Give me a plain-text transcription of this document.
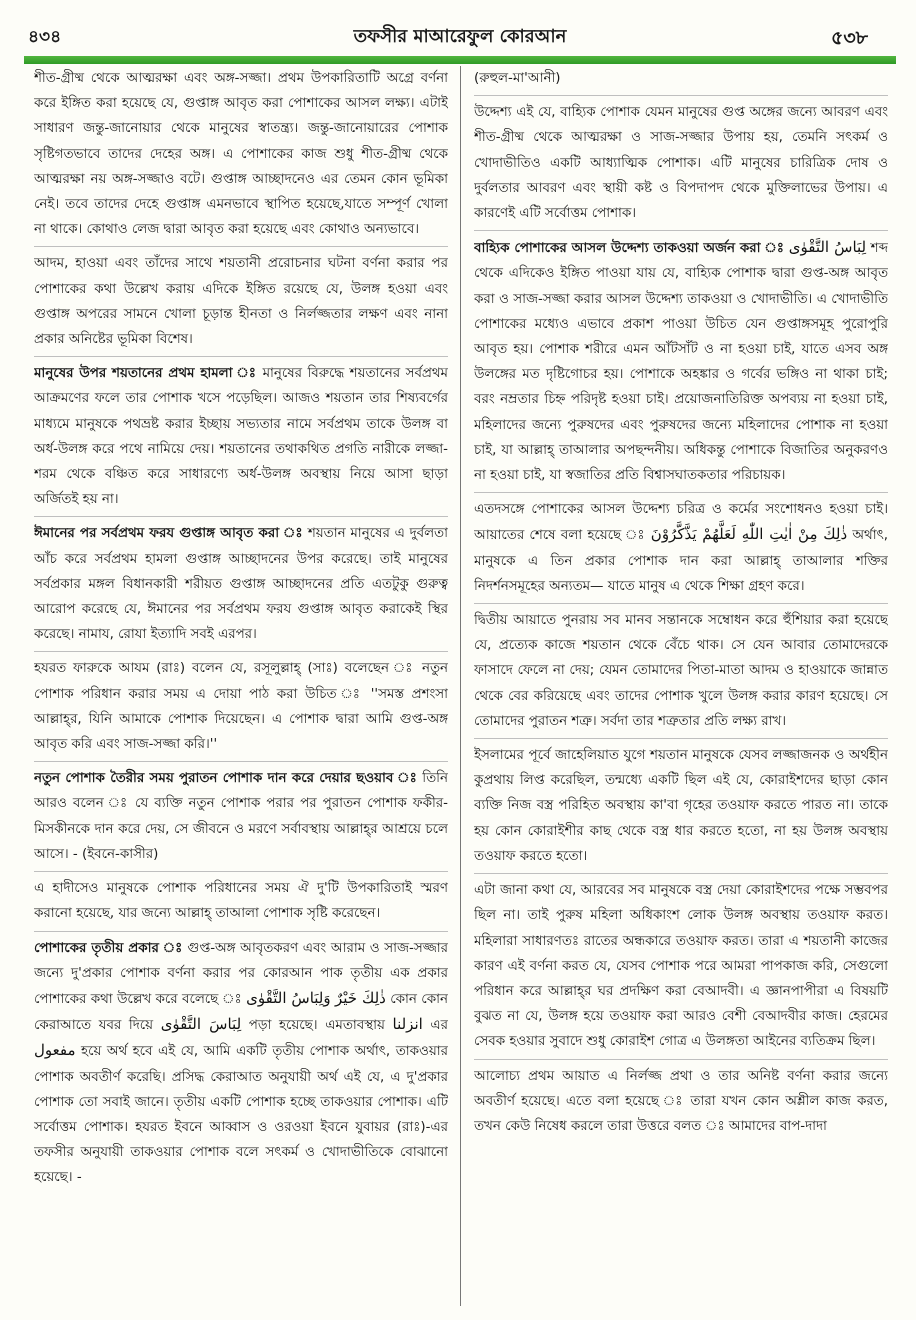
৪৩৪	তফসীর মাআরেফুল কোরআন	৫৩৮

শীত-গ্রীষ্ম থেকে আত্মরক্ষা এবং অঙ্গ-সজ্জা। প্রথম উপকারিতাটি অগ্রে বর্ণনা করে ইঙ্গিত করা হয়েছে যে, গুপ্তাঙ্গ আবৃত করা পোশাকের আসল লক্ষ্য। এটাই সাধারণ জন্তু-জানোয়ার থেকে মানুষের স্বাতন্ত্র্য। জন্তু-জানোয়ারের পোশাক সৃষ্টিগতভাবে তাদের দেহের অঙ্গ। এ পোশাকের কাজ শুধু শীত-গ্রীষ্ম থেকে আত্মরক্ষা নয় অঙ্গ-সজ্জাও বটে। গুপ্তাঙ্গ আচ্ছাদনেও এর তেমন কোন ভূমিকা নেই। তবে তাদের দেহে গুপ্তাঙ্গ এমনভাবে স্থাপিত হয়েছে,যাতে সম্পূর্ণ খোলা না থাকে। কোথাও লেজ দ্বারা আবৃত করা হয়েছে এবং কোথাও অন্যভাবে।

আদম, হাওয়া এবং তাঁদের সাথে শয়তানী প্ররোচনার ঘটনা বর্ণনা করার পর পোশাকের কথা উল্লেখ করায় এদিকে ইঙ্গিত রয়েছে যে, উলঙ্গ হওয়া এবং গুপ্তাঙ্গ অপরের সামনে খোলা চূড়ান্ত হীনতা ও নির্লজ্জতার লক্ষণ এবং নানা প্রকার অনিষ্টের ভূমিকা বিশেষ।

মানুষের উপর শয়তানের প্রথম হামলা ঃ মানুষের বিরুদ্ধে শয়তানের সর্বপ্রথম আক্রমণের ফলে তার পোশাক খসে পড়েছিল। আজও শয়তান তার শিষ্যবর্গের মাধ্যমে মানুষকে পথভ্রষ্ট করার ইচ্ছায় সভ্যতার নামে সর্বপ্রথম তাকে উলঙ্গ বা অর্ধ-উলঙ্গ করে পথে নামিয়ে দেয়। শয়তানের তথাকথিত প্রগতি নারীকে লজ্জা-শরম থেকে বঞ্চিত করে সাধারণ্যে অর্ধ-উলঙ্গ অবস্থায় নিয়ে আসা ছাড়া অর্জিতই হয় না।

ঈমানের পর সর্বপ্রথম ফরয গুপ্তাঙ্গ আবৃত করা ঃ শয়তান মানুষের এ দুর্বলতা আঁচ করে সর্বপ্রথম হামলা গুপ্তাঙ্গ আচ্ছাদনের উপর করেছে। তাই মানুষের সর্বপ্রকার মঙ্গল বিধানকারী শরীয়ত গুপ্তাঙ্গ আচ্ছাদনের প্রতি এতটুকু গুরুত্ব আরোপ করেছে যে, ঈমানের পর সর্বপ্রথম ফরয গুপ্তাঙ্গ আবৃত করাকেই স্থির করেছে। নামায, রোযা ইত্যাদি সবই এরপর।

হযরত ফারুকে আযম (রাঃ) বলেন যে, রসূলুল্লাহ্ (সাঃ) বলেছেন ঃ নতুন পোশাক পরিধান করার সময় এ দোয়া পাঠ করা উচিত ঃ ''সমস্ত প্রশংসা আল্লাহ্‌র, যিনি আমাকে পোশাক দিয়েছেন। এ পোশাক দ্বারা আমি গুপ্ত-অঙ্গ আবৃত করি এবং সাজ-সজ্জা করি।''

নতুন পোশাক তৈরীর সময় পুরাতন পোশাক দান করে দেয়ার ছওয়াব ঃ তিনি আরও বলেন ঃ যে ব্যক্তি নতুন পোশাক পরার পর পুরাতন পোশাক ফকীর-মিসকীনকে দান করে দেয়, সে জীবনে ও মরণে সর্বাবস্থায় আল্লাহ্‌র আশ্রয়ে চলে আসে। - (ইবনে-কাসীর)

এ হাদীসেও মানুষকে পোশাক পরিধানের সময় ঐ দু'টি উপকারিতাই স্মরণ করানো হয়েছে, যার জন্যে আল্লাহ্ তাআলা পোশাক সৃষ্টি করেছেন।

পোশাকের তৃতীয় প্রকার ঃ গুপ্ত-অঙ্গ আবৃতকরণ এবং আরাম ও সাজ-সজ্জার জন্যে দু'প্রকার পোশাক বর্ণনা করার পর কোরআন পাক তৃতীয় এক প্রকার পোশাকের কথা উল্লেখ করে বলেছে ঃ وَلِبَاسُ التَّقْوٰى ذٰلِكَ خَيْرٌ কোন কোন কেরাআতে যবর দিয়ে لِبَاسَ التَّقْوٰى পড়া হয়েছে। এমতাবস্থায় انزلنا এর مفعول হয়ে অর্থ হবে এই যে, আমি একটি তৃতীয় পোশাক অর্থাৎ, তাকওয়ার পোশাক অবতীর্ণ করেছি। প্রসিদ্ধ কেরাআত অনুযায়ী অর্থ এই যে, এ দু'প্রকার পোশাক তো সবাই জানে। তৃতীয় একটি পোশাক হচ্ছে তাকওয়ার পোশাক। এটি সর্বোত্তম পোশাক। হযরত ইবনে আব্বাস ও ওরওয়া ইবনে যুবায়র (রাঃ)-এর তফসীর অনুযায়ী তাকওয়ার পোশাক বলে সৎকর্ম ও খোদাভীতিকে বোঝানো হয়েছে। -

(রুহুল-মা'আনী)

উদ্দেশ্য এই যে, বাহ্যিক পোশাক যেমন মানুষের গুপ্ত অঙ্গের জন্যে আবরণ এবং শীত-গ্রীষ্ম থেকে আত্মরক্ষা ও সাজ-সজ্জার উপায় হয়, তেমনি সৎকর্ম ও খোদাভীতিও একটি আধ্যাত্মিক পোশাক। এটি মানুষের চারিত্রিক দোষ ও দুর্বলতার আবরণ এবং স্থায়ী কষ্ট ও বিপদাপদ থেকে মুক্তিলাভের উপায়। এ কারণেই এটি সর্বোত্তম পোশাক।

বাহ্যিক পোশাকের আসল উদ্দেশ্য তাকওয়া অর্জন করা ঃ لِبَاسُ التَّقْوٰى শব্দ থেকে এদিকেও ইঙ্গিত পাওয়া যায় যে, বাহ্যিক পোশাক দ্বারা গুপ্ত-অঙ্গ আবৃত করা ও সাজ-সজ্জা করার আসল উদ্দেশ্য তাকওয়া ও খোদাভীতি। এ খোদাভীতি পোশাকের মধ্যেও এভাবে প্রকাশ পাওয়া উচিত যেন গুপ্তাঙ্গসমূহ পুরোপুরি আবৃত হয়। পোশাক শরীরে এমন আঁটসাঁট ও না হওয়া চাই, যাতে এসব অঙ্গ উলঙ্গের মত দৃষ্টিগোচর হয়। পোশাকে অহঙ্কার ও গর্বের ভঙ্গিও না থাকা চাই; বরং নম্রতার চিহ্ন পরিদৃষ্ট হওয়া চাই। প্রয়োজনাতিরিক্ত অপব্যয় না হওয়া চাই, মহিলাদের জন্যে পুরুষদের এবং পুরুষদের জন্যে মহিলাদের পোশাক না হওয়া চাই, যা আল্লাহ্ তাআলার অপছন্দনীয়। অধিকন্তু পোশাকে বিজাতির অনুকরণও না হওয়া চাই, যা স্বজাতির প্রতি বিশ্বাসঘাতকতার পরিচায়ক।

এতদসঙ্গে পোশাকের আসল উদ্দেশ্য চরিত্র ও কর্মের সংশোধনও হওয়া চাই। আয়াতের শেষে বলা হয়েছে ঃ ذٰلِكَ مِنْ اٰيٰتِ اللّٰهِ لَعَلَّهُمْ يَذَّكَّرُوْنَ অর্থাৎ, মানুষকে এ তিন প্রকার পোশাক দান করা আল্লাহ্ তাআলার শক্তির নিদর্শনসমূহের অন্যতম— যাতে মানুষ এ থেকে শিক্ষা গ্রহণ করে।

দ্বিতীয় আয়াতে পুনরায় সব মানব সন্তানকে সম্বোধন করে হুঁশিয়ার করা হয়েছে যে, প্রত্যেক কাজে শয়তান থেকে বেঁচে থাক। সে যেন আবার তোমাদেরকে ফাসাদে ফেলে না দেয়; যেমন তোমাদের পিতা-মাতা আদম ও হাওয়াকে জান্নাত থেকে বের করিয়েছে এবং তাদের পোশাক খুলে উলঙ্গ করার কারণ হয়েছে। সে তোমাদের পুরাতন শত্রু। সর্বদা তার শত্রুতার প্রতি লক্ষ্য রাখ।

ইসলামের পূর্বে জাহেলিয়াত যুগে শয়তান মানুষকে যেসব লজ্জাজনক ও অর্থহীন কুপ্রথায় লিপ্ত করেছিল, তন্মধ্যে একটি ছিল এই যে, কোরাইশদের ছাড়া কোন ব্যক্তি নিজ বস্ত্র পরিহিত অবস্থায় কা'বা গৃহের তওয়াফ করতে পারত না। তাকে হয় কোন কোরাইশীর কাছ থেকে বস্ত্র ধার করতে হতো, না হয় উলঙ্গ অবস্থায় তওয়াফ করতে হতো।

এটা জানা কথা যে, আরবের সব মানুষকে বস্ত্র দেয়া কোরাইশদের পক্ষে সম্ভবপর ছিল না। তাই পুরুষ মহিলা অধিকাংশ লোক উলঙ্গ অবস্থায় তওয়াফ করত। মহিলারা সাধারণতঃ রাতের অন্ধকারে তওয়াফ করত। তারা এ শয়তানী কাজের কারণ এই বর্ণনা করত যে, যেসব পোশাক পরে আমরা পাপকাজ করি, সেগুলো পরিধান করে আল্লাহ্‌র ঘর প্রদক্ষিণ করা বেআদবী। এ জ্ঞানপাপীরা এ বিষয়টি বুঝত না যে, উলঙ্গ হয়ে তওয়াফ করা আরও বেশী বেআদবীর কাজ। হেরমের সেবক হওয়ার সুবাদে শুধু কোরাইশ গোত্র এ উলঙ্গতা আইনের ব্যতিক্রম ছিল।

আলোচ্য প্রথম আয়াত এ নির্লজ্জ প্রথা ও তার অনিষ্ট বর্ণনা করার জন্যে অবতীর্ণ হয়েছে। এতে বলা হয়েছে ঃ তারা যখন কোন অশ্লীল কাজ করত, তখন কেউ নিষেধ করলে তারা উত্তরে বলত ঃ আমাদের বাপ-দাদা
